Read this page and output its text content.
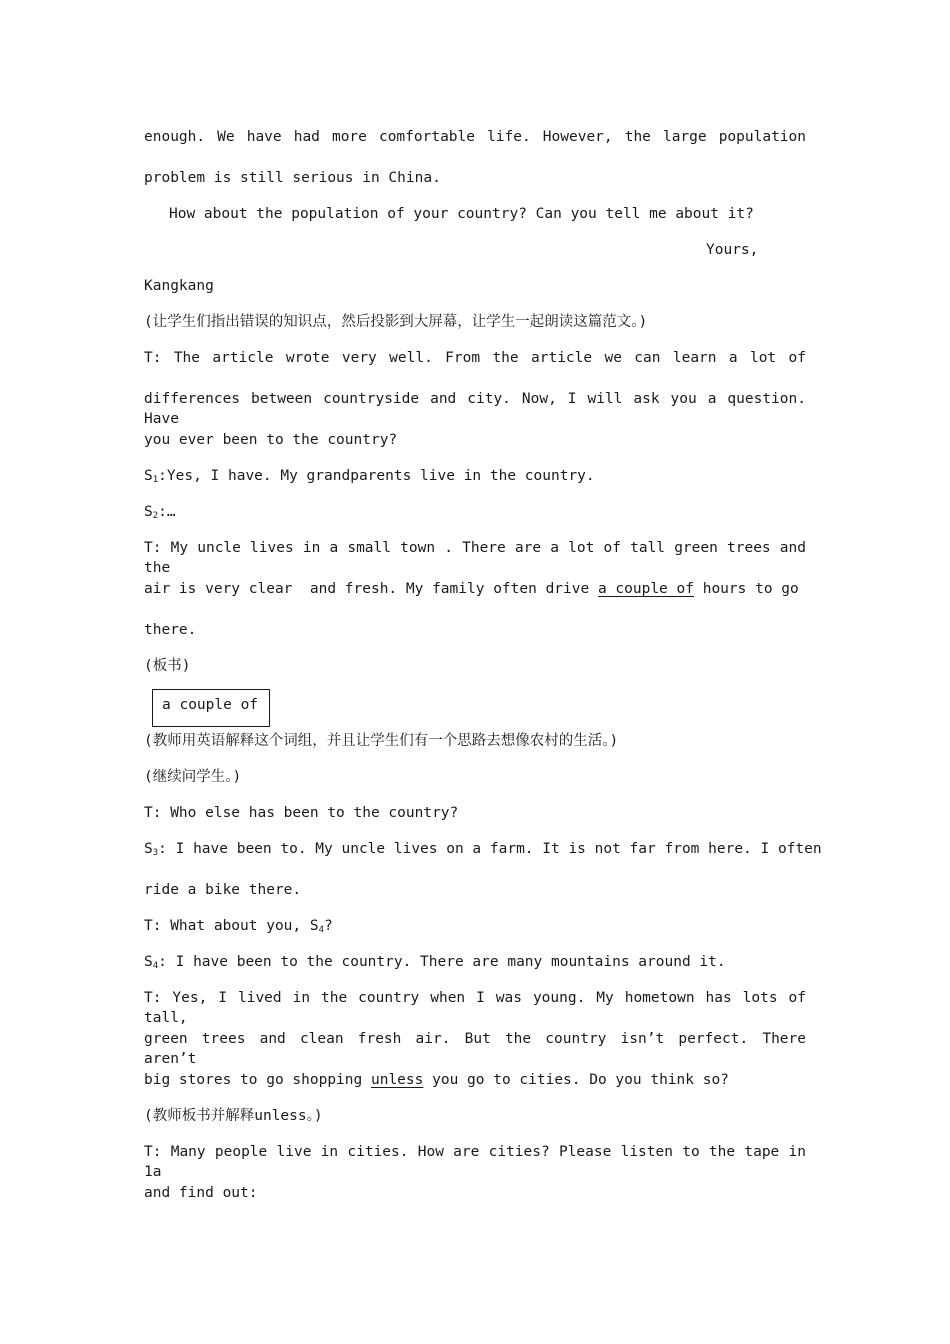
enough. We have had more comfortable life. However, the large population
problem is still serious in China.
How about the population of your country? Can you tell me about it?
Yours,
Kangkang
(让学生们指出错误的知识点，然后投影到大屏幕，让学生一起朗读这篇范文。)
T: The article wrote very well. From the article we can learn a lot of
differences between countryside and city. Now, I will ask you a question. Have
you ever been to the country?
$S_1:Yes$, I have. My grandparents live in the country.
$S_2:\dots$
T: My uncle lives in a small town . There are a lot of tall green trees and the
air is very clear  and fresh. My family often drive a couple of hours to go
there.
(板书)
a couple of
(教师用英语解释这个词组，并且让学生们有一个思路去想像农村的生活。)
(继续问学生。)
T: Who else has been to the country?
$S_3$: I have been to. My uncle lives on a farm. It is not far from here. I often
ride a bike there.
T: What about you, $S_4$?
$S_4$: I have been to the country. There are many mountains around it.
T: Yes, I lived in the country when I was young. My hometown has lots of tall,
green trees and clean fresh air. But the country isn’t perfect. There aren’t
big stores to go shopping unless you go to cities. Do you think so?
(教师板书并解释unless。)
T: Many people live in cities. How are cities? Please listen to the tape in 1a
and find out:
